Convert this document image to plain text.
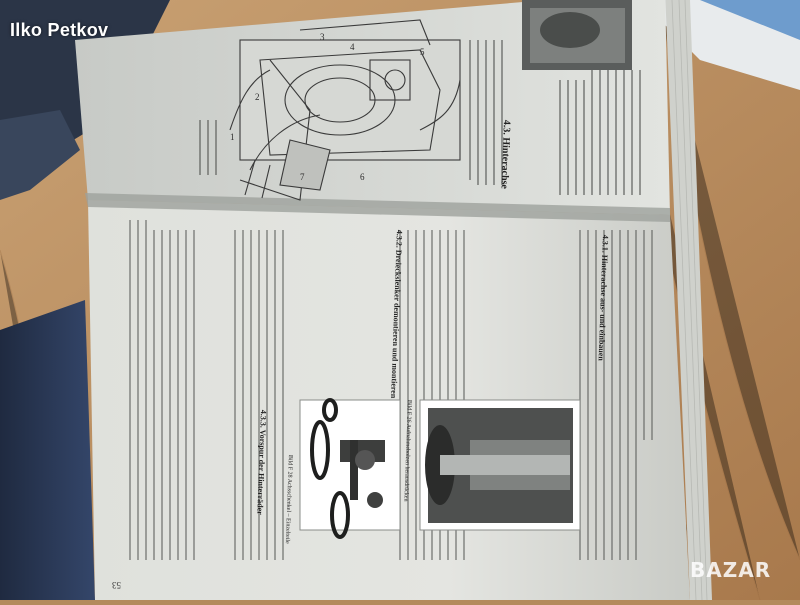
1
2
3
4	5
6
7	4.3. Hinterachse
4.3.1. Hinterachse aus- und einbauen
4.3.2. Dreieckslenker demontieren und montieren
4.3.3. Vorspur der Hinterräder	Bild F 26 Aufnahmebolzen herausdrücken
Bild F 28 Achsschenkel – Einzelteile
53
Ilko Petkov
BAZAR
